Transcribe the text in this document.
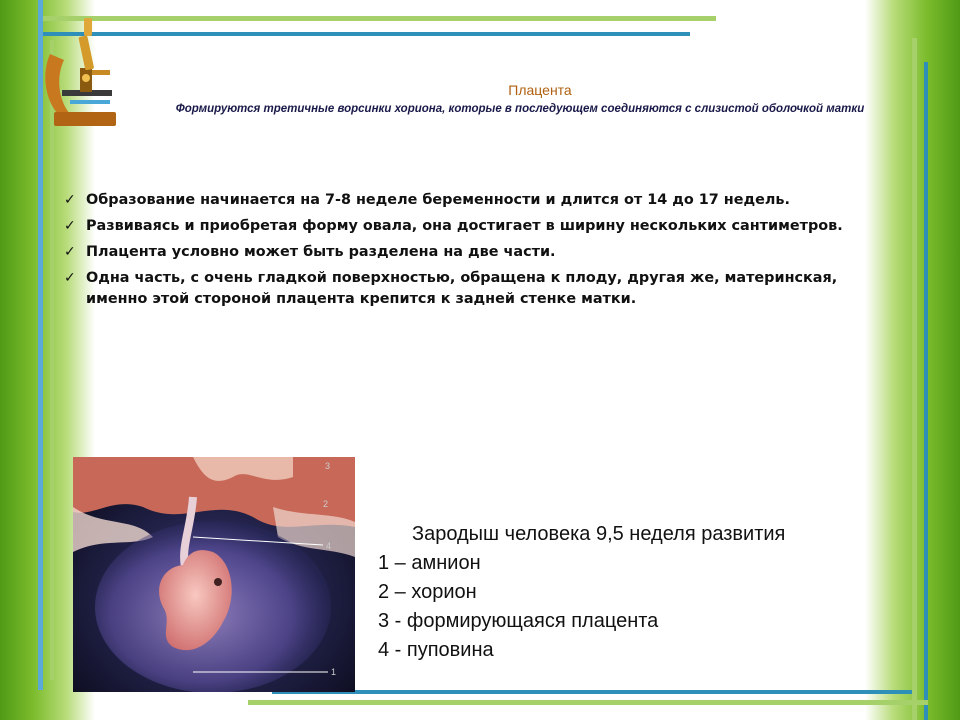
Плацента
Формируются третичные ворсинки хориона, которые в последующем соединяются с слизистой оболочкой матки
✓ Образование начинается на 7-8 неделе беременности и длится от 14 до 17 недель.
✓ Развиваясь и приобретая форму овала, она достигает в ширину нескольких сантиметров.
✓ Плацента условно может быть разделена на две части.
✓ Одна часть, с очень гладкой поверхностью, обращена к плоду, другая же, материнская, именно этой стороной плацента крепится к задней стенке матки.
3
2
4
1
Зародыш человека 9,5 неделя развития
1 – амнион
2 – хорион
3 - формирующаяся плацента
4 - пуповина
